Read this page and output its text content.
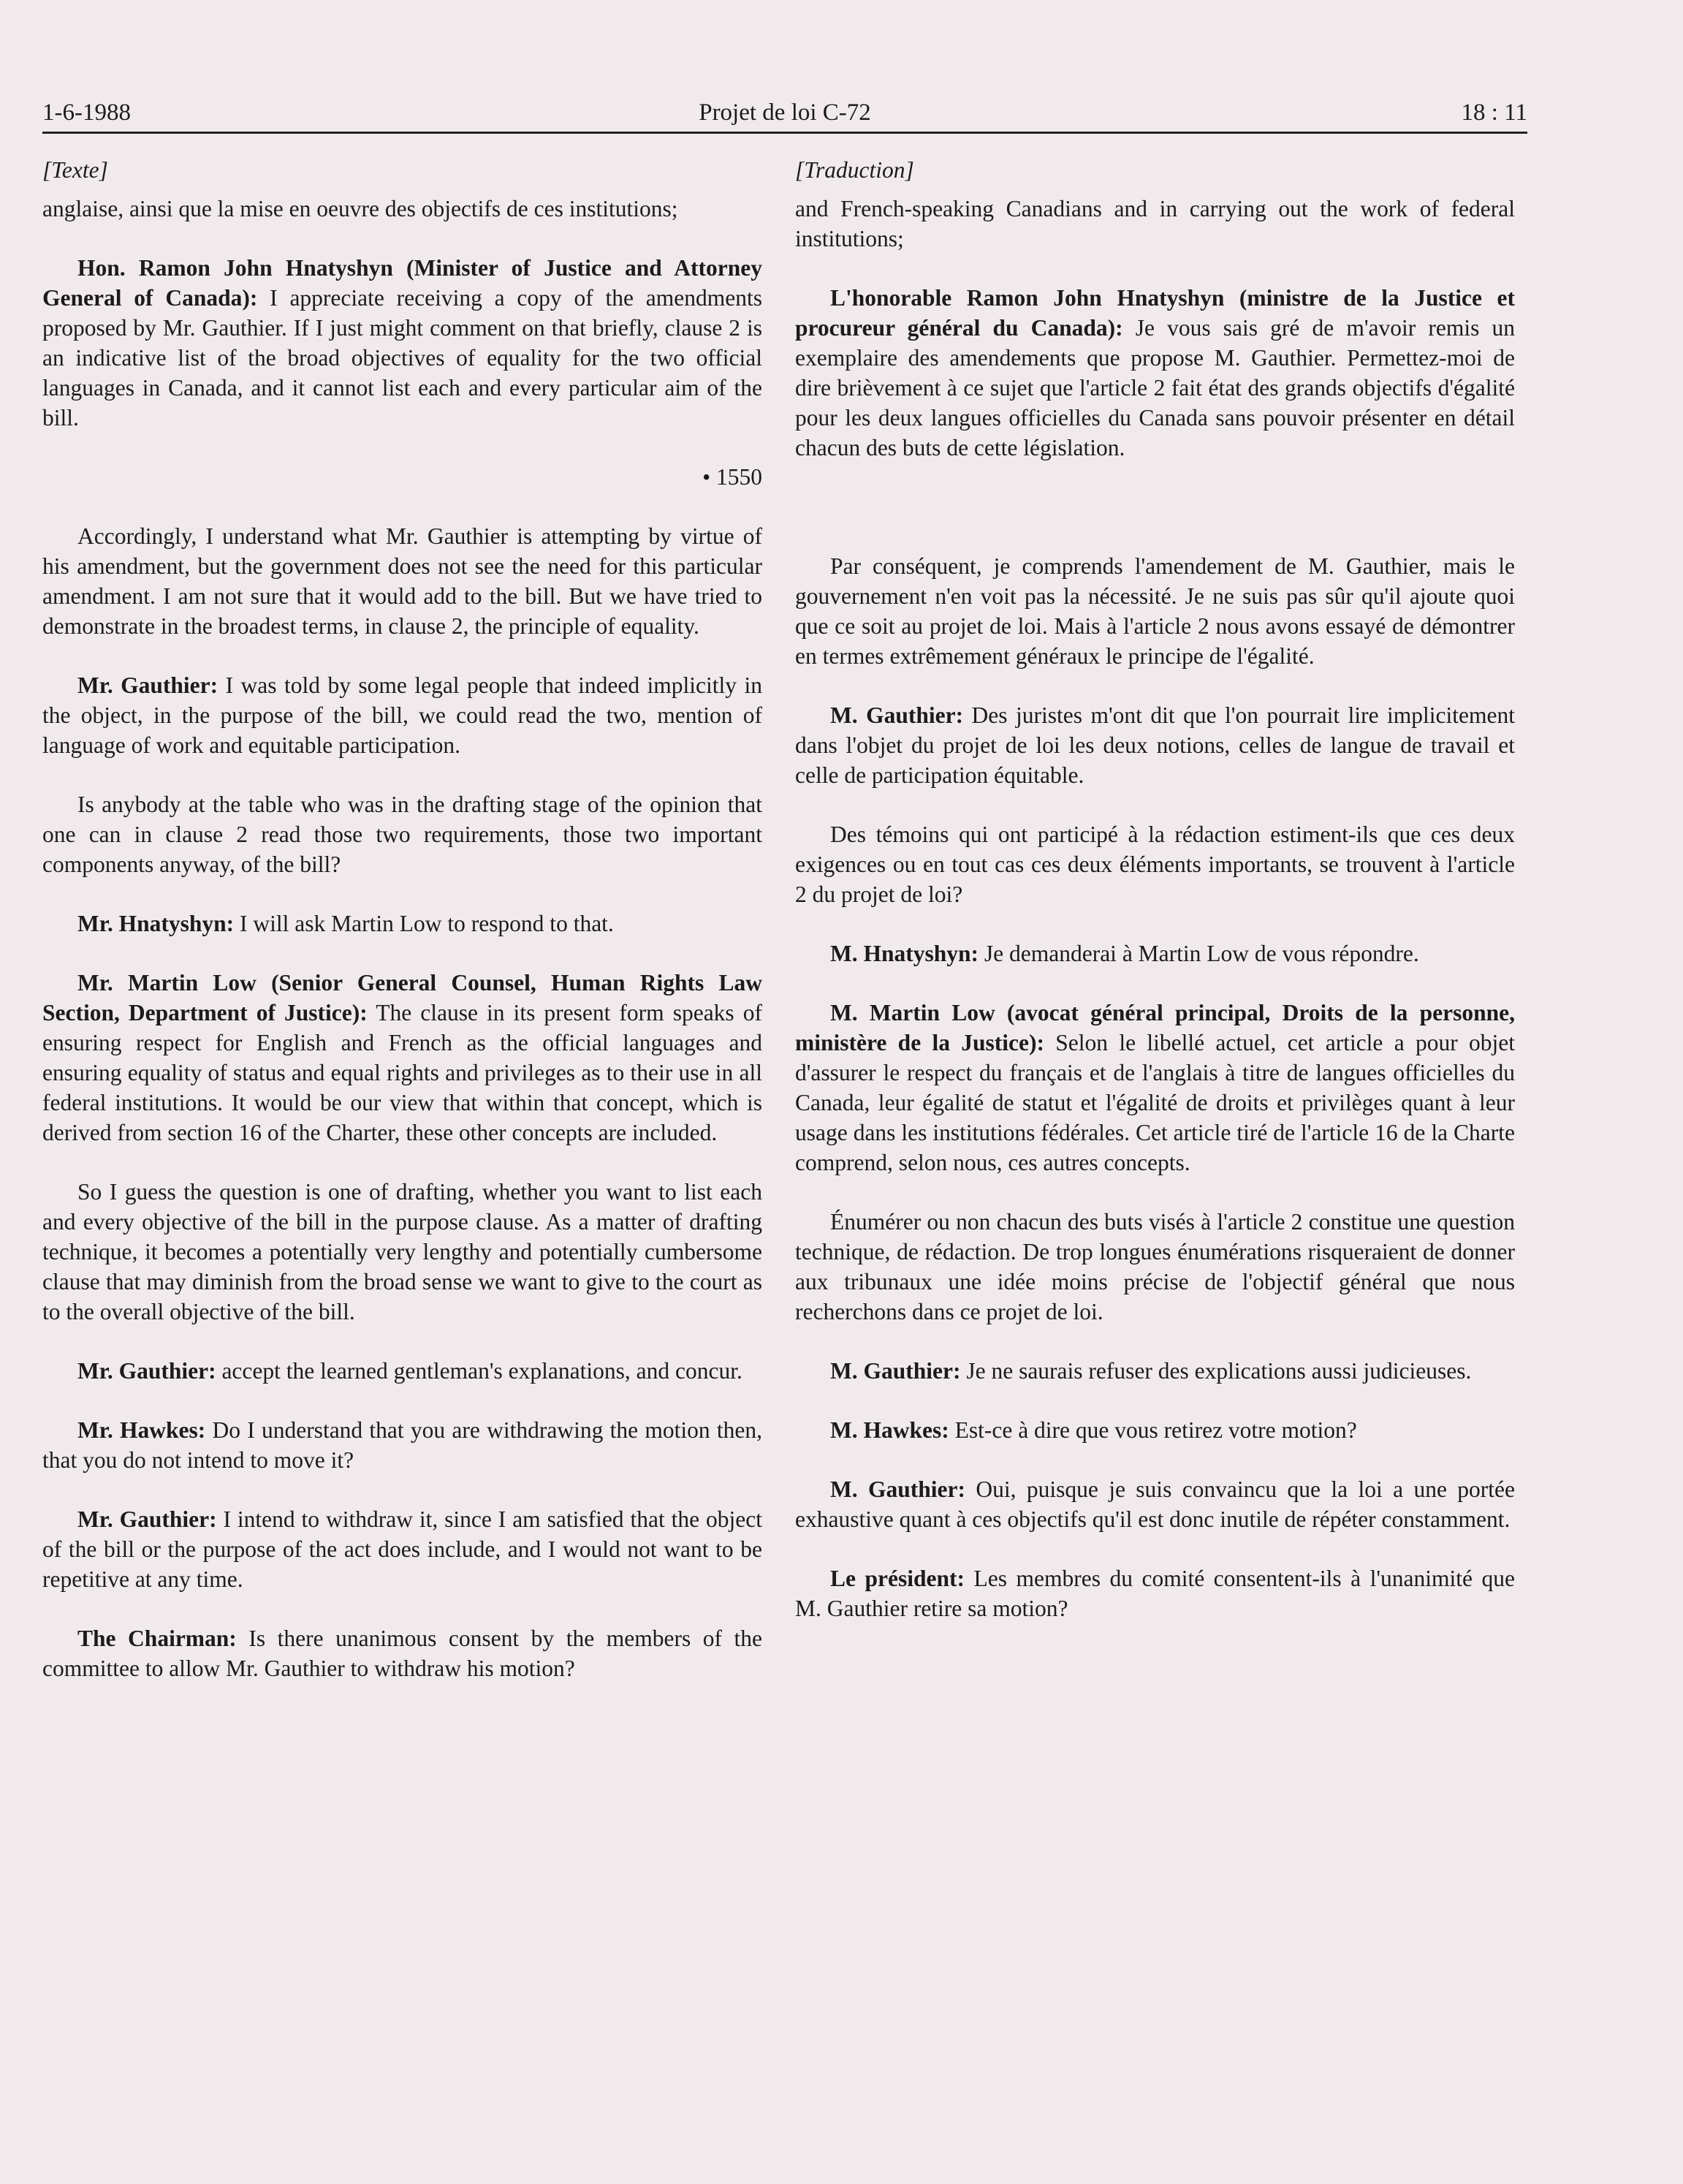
1-6-1988	Projet de loi C-72	18 : 11
[Texte]

anglaise, ainsi que la mise en oeuvre des objectifs de ces institutions;

Hon. Ramon John Hnatyshyn (Minister of Justice and Attorney General of Canada): I appreciate receiving a copy of the amendments proposed by Mr. Gauthier. If I just might comment on that briefly, clause 2 is an indicative list of the broad objectives of equality for the two official languages in Canada, and it cannot list each and every particular aim of the bill.

• 1550

Accordingly, I understand what Mr. Gauthier is attempting by virtue of his amendment, but the government does not see the need for this particular amendment. I am not sure that it would add to the bill. But we have tried to demonstrate in the broadest terms, in clause 2, the principle of equality.

Mr. Gauthier: I was told by some legal people that indeed implicitly in the object, in the purpose of the bill, we could read the two, mention of language of work and equitable participation.

Is anybody at the table who was in the drafting stage of the opinion that one can in clause 2 read those two requirements, those two important components anyway, of the bill?

Mr. Hnatyshyn: I will ask Martin Low to respond to that.

Mr. Martin Low (Senior General Counsel, Human Rights Law Section, Department of Justice): The clause in its present form speaks of ensuring respect for English and French as the official languages and ensuring equality of status and equal rights and privileges as to their use in all federal institutions. It would be our view that within that concept, which is derived from section 16 of the Charter, these other concepts are included.

So I guess the question is one of drafting, whether you want to list each and every objective of the bill in the purpose clause. As a matter of drafting technique, it becomes a potentially very lengthy and potentially cumbersome clause that may diminish from the broad sense we want to give to the court as to the overall objective of the bill.

Mr. Gauthier: accept the learned gentleman's explanations, and concur.

Mr. Hawkes: Do I understand that you are withdrawing the motion then, that you do not intend to move it?

Mr. Gauthier: I intend to withdraw it, since I am satisfied that the object of the bill or the purpose of the act does include, and I would not want to be repetitive at any time.

The Chairman: Is there unanimous consent by the members of the committee to allow Mr. Gauthier to withdraw his motion?

[Traduction]

and French-speaking Canadians and in carrying out the work of federal institutions;

L'honorable Ramon John Hnatyshyn (ministre de la Justice et procureur général du Canada): Je vous sais gré de m'avoir remis un exemplaire des amendements que propose M. Gauthier. Permettez-moi de dire brièvement à ce sujet que l'article 2 fait état des grands objectifs d'égalité pour les deux langues officielles du Canada sans pouvoir présenter en détail chacun des buts de cette législation.

Par conséquent, je comprends l'amendement de M. Gauthier, mais le gouvernement n'en voit pas la nécessité. Je ne suis pas sûr qu'il ajoute quoi que ce soit au projet de loi. Mais à l'article 2 nous avons essayé de démontrer en termes extrêmement généraux le principe de l'égalité.

M. Gauthier: Des juristes m'ont dit que l'on pourrait lire implicitement dans l'objet du projet de loi les deux notions, celles de langue de travail et celle de participation équitable.

Des témoins qui ont participé à la rédaction estiment-ils que ces deux exigences ou en tout cas ces deux éléments importants, se trouvent à l'article 2 du projet de loi?

M. Hnatyshyn: Je demanderai à Martin Low de vous répondre.

M. Martin Low (avocat général principal, Droits de la personne, ministère de la Justice): Selon le libellé actuel, cet article a pour objet d'assurer le respect du français et de l'anglais à titre de langues officielles du Canada, leur égalité de statut et l'égalité de droits et privilèges quant à leur usage dans les institutions fédérales. Cet article tiré de l'article 16 de la Charte comprend, selon nous, ces autres concepts.

Énumérer ou non chacun des buts visés à l'article 2 constitue une question technique, de rédaction. De trop longues énumérations risqueraient de donner aux tribunaux une idée moins précise de l'objectif général que nous recherchons dans ce projet de loi.

M. Gauthier: Je ne saurais refuser des explications aussi judicieuses.

M. Hawkes: Est-ce à dire que vous retirez votre motion?

M. Gauthier: Oui, puisque je suis convaincu que la loi a une portée exhaustive quant à ces objectifs qu'il est donc inutile de répéter constamment.

Le président: Les membres du comité consentent-ils à l'unanimité que M. Gauthier retire sa motion?
